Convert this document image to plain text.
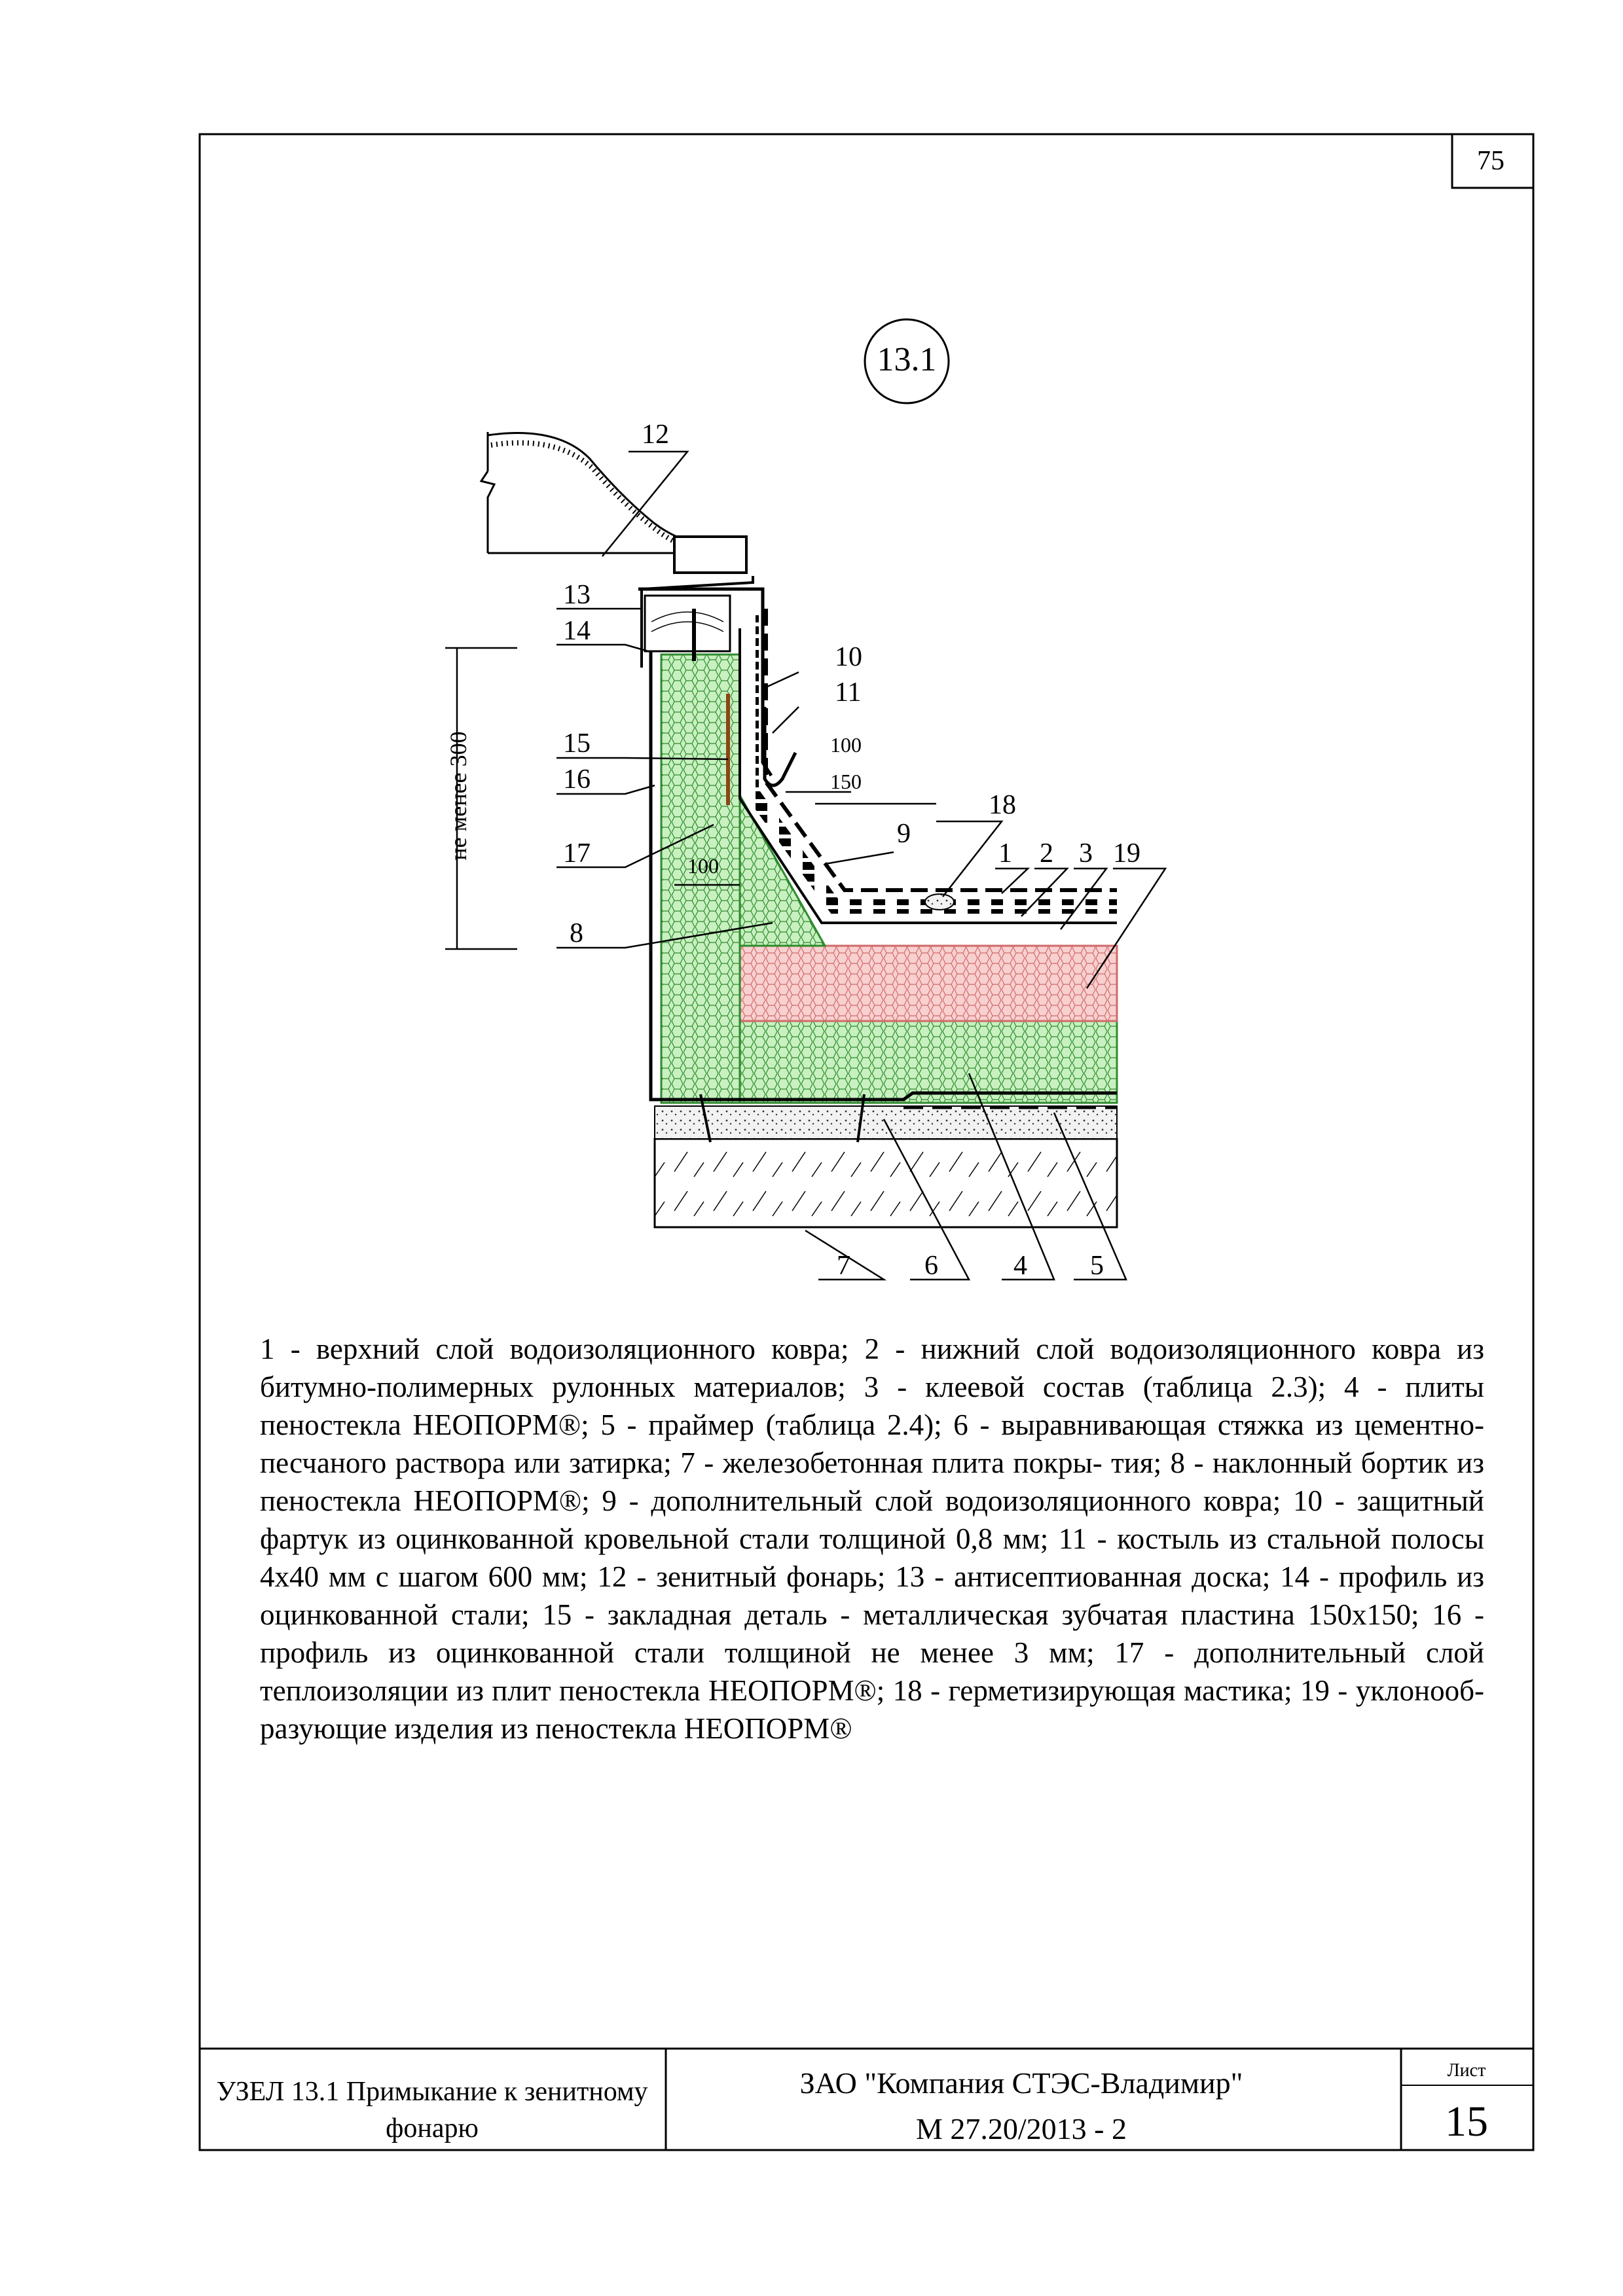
75
13.1
12
13
14
10
11
15
16
17
9
8
18
1 2 3 19
7	6	4 5
не менее 300	100
150
100
1 - верхний слой водоизоляционного ковра; 2 - нижний слой водоизоляционного ковра из битумно-полимерных рулонных материалов; 3 - клеевой состав (таблица 2.3); 4 - плиты пеностекла НЕОПОРМ®; 5 - праймер (таблица 2.4); 6 - выравнивающая стяжка из цементно-песчаного раствора или затирка; 7 - железобетонная плита покры- тия; 8 - наклонный бортик из пеностекла НЕОПОРМ®; 9 - дополнительный слой водоизоляционного ковра; 10 - защитный фартук из оцинкованной кровельной стали толщиной 0,8 мм; 11 - костыль из стальной полосы 4x40 мм с шагом 600 мм; 12 - зенитный фонарь; 13 - антисептиованная доска; 14 - профиль из оцинкованной стали; 15 - закладная деталь - металлическая зубчатая пластина 150x150; 16 - профиль из оцинкованной стали толщиной не менее 3 мм; 17 - дополнительный слой теплоизоляции из плит пеностекла НЕОПОРМ®; 18 - герметизирующая мастика; 19 - уклонооб- разующие изделия из пеностекла НЕОПОРМ®
УЗЕЛ 13.1 Примыкание к зенитному фонарю
ЗАО "Компания СТЭС-Владимир"
М 27.20/2013 - 2
Лист
15
